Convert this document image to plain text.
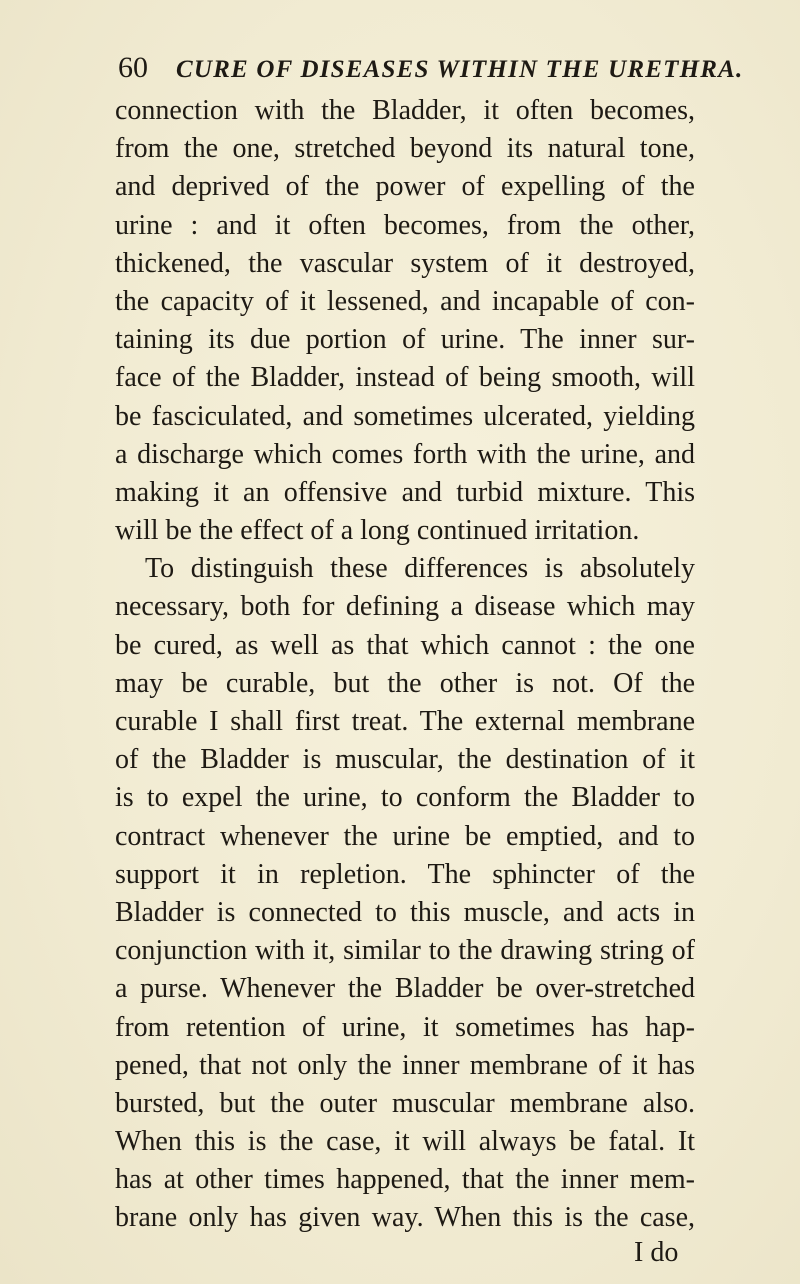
60 CURE OF DISEASES WITHIN THE URETHRA.
connection with the Bladder, it often becomes,
from the one, stretched beyond its natural tone,
and deprived of the power of expelling of the
urine : and it often becomes, from the other,
thickened, the vascular system of it destroyed,
the capacity of it lessened, and incapable of con-
taining its due portion of urine. The inner sur-
face of the Bladder, instead of being smooth, will
be fasciculated, and sometimes ulcerated, yielding
a discharge which comes forth with the urine, and
making it an offensive and turbid mixture. This
will be the effect of a long continued irritation.
To distinguish these differences is absolutely
necessary, both for defining a disease which may
be cured, as well as that which cannot : the one
may be curable, but the other is not. Of the
curable I shall first treat. The external membrane
of the Bladder is muscular, the destination of it
is to expel the urine, to conform the Bladder to
contract whenever the urine be emptied, and to
support it in repletion. The sphincter of the
Bladder is connected to this muscle, and acts in
conjunction with it, similar to the drawing string of
a purse. Whenever the Bladder be over-stretched
from retention of urine, it sometimes has hap-
pened, that not only the inner membrane of it has
bursted, but the outer muscular membrane also.
When this is the case, it will always be fatal. It
has at other times happened, that the inner mem-
brane only has given way. When this is the case,
I do
